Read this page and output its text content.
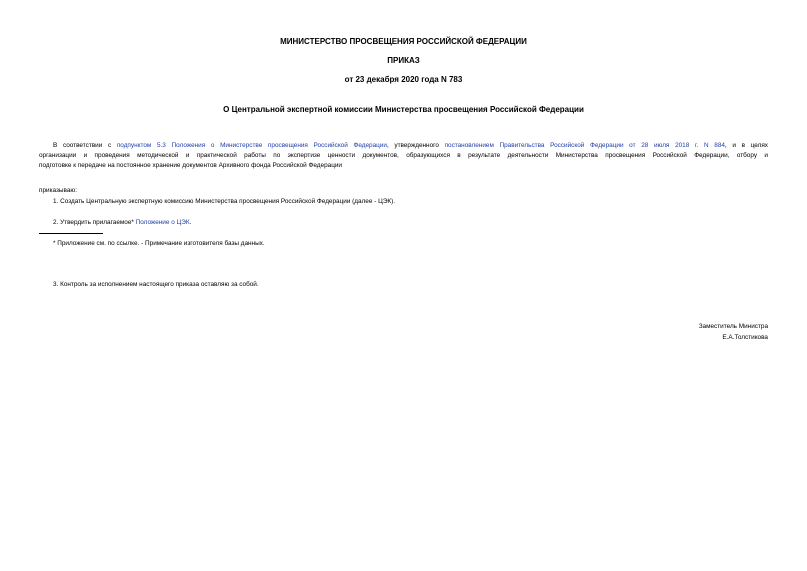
МИНИСТЕРСТВО ПРОСВЕЩЕНИЯ РОССИЙСКОЙ ФЕДЕРАЦИИ
ПРИКАЗ
от 23 декабря 2020 года N 783
О Центральной экспертной комиссии Министерства просвещения Российской Федерации
В соответствии с подпунктом 5.3 Положения о Министерстве просвещения Российской Федерации, утвержденного постановлением Правительства Российской Федерации от 28 июля 2018 г. N 884, и в целях
организации и проведения методической и практической работы по экспертизе ценности документов, образующихся в результате деятельности Министерства просвещения Российской Федерации, отбору и
подготовке к передаче на постоянное хранение документов Архивного фонда Российской Федерации
приказываю:
1. Создать Центральную экспертную комиссию Министерства просвещения Российской Федерации (далее - ЦЭК).
2. Утвердить прилагаемое* Положение о ЦЭК.
* Приложение см. по ссылке. - Примечание изготовителя базы данных.
3. Контроль за исполнением настоящего приказа оставляю за собой.
Заместитель Министра
Е.А.Толстикова
